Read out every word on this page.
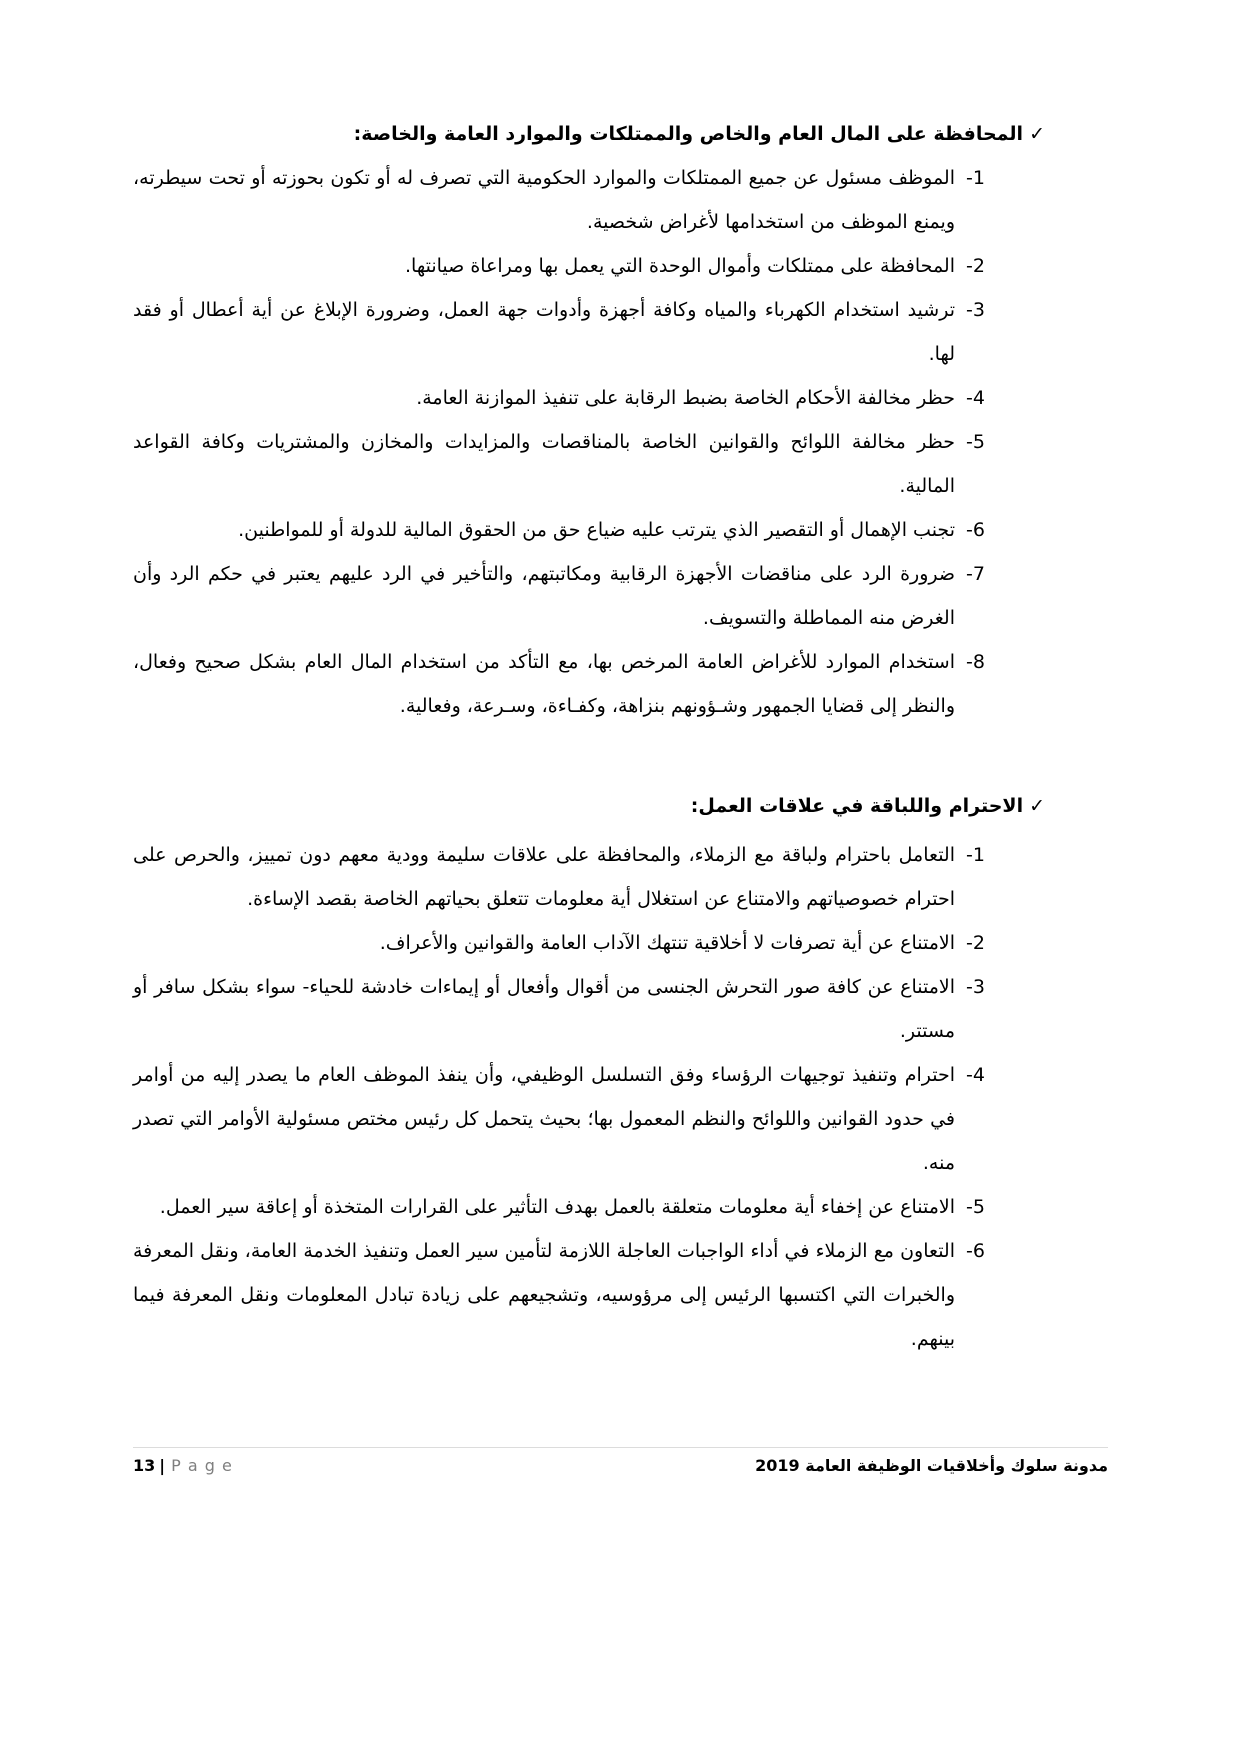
✓المحافظة على المال العام والخاص والممتلكات والموارد العامة والخاصة:
1-
الموظف مسئول عن جميع الممتلكات والموارد الحكومية التي تصرف له أو تكون بحوزته أو تحت سيطرته، ويمنع الموظف من استخدامها لأغراض شخصية.
2-
المحافظة على ممتلكات وأموال الوحدة التي يعمل بها ومراعاة صيانتها.
3-
ترشيد استخدام الكهرباء والمياه وكافة أجهزة وأدوات جهة العمل، وضرورة الإبلاغ عن أية أعطال أو فقد لها.
4-
حظر مخالفة الأحكام الخاصة بضبط الرقابة على تنفيذ الموازنة العامة.
5-
حظر مخالفة اللوائح والقوانين الخاصة بالمناقصات والمزايدات والمخازن والمشتريات وكافة القواعد المالية.
6-
تجنب الإهمال أو التقصير الذي يترتب عليه ضياع حق من الحقوق المالية للدولة أو للمواطنين.
7-
ضرورة الرد على مناقضات الأجهزة الرقابية ومكاتبتهم، والتأخير في الرد عليهم يعتبر في حكم الرد وأن الغرض منه المماطلة والتسويف.
8-
استخدام الموارد للأغراض العامة المرخص بها، مع التأكد من استخدام المال العام بشكل صحيح وفعال، والنظر إلى قضايا الجمهور وشـؤونهم بنزاهة، وكفـاءة، وسـرعة، وفعالية.
✓الاحترام واللباقة في علاقات العمل:
1-
التعامل باحترام ولباقة مع الزملاء، والمحافظة على علاقات سليمة وودية معهم دون تمييز، والحرص على احترام خصوصياتهم والامتناع عن استغلال أية معلومات تتعلق بحياتهم الخاصة بقصد الإساءة.
2-
الامتناع عن أية تصرفات لا أخلاقية تنتهك الآداب العامة والقوانين والأعراف.
3-
الامتناع عن كافة صور التحرش الجنسى من أقوال وأفعال أو إيماءات خادشة للحياء- سواء بشكل سافر أو مستتر.
4-
احترام وتنفيذ توجيهات الرؤساء وفق التسلسل الوظيفي، وأن ينفذ الموظف العام ما يصدر إليه من أوامر في حدود القوانين واللوائح والنظم المعمول بها؛ بحيث يتحمل كل رئيس مختص مسئولية الأوامر التي تصدر منه.
5-
الامتناع عن إخفاء أية معلومات متعلقة بالعمل بهدف التأثير على القرارات المتخذة أو إعاقة سير العمل.
6-
التعاون مع الزملاء في أداء الواجبات العاجلة اللازمة لتأمين سير العمل وتنفيذ الخدمة العامة، ونقل المعرفة والخبرات التي اكتسبها الرئيس إلى مرؤوسيه، وتشجيعهم على زيادة تبادل المعلومات ونقل المعرفة فيما بينهم.
13 | P a g e	مدونة سلوك وأخلاقيات الوظيفة العامة 2019
